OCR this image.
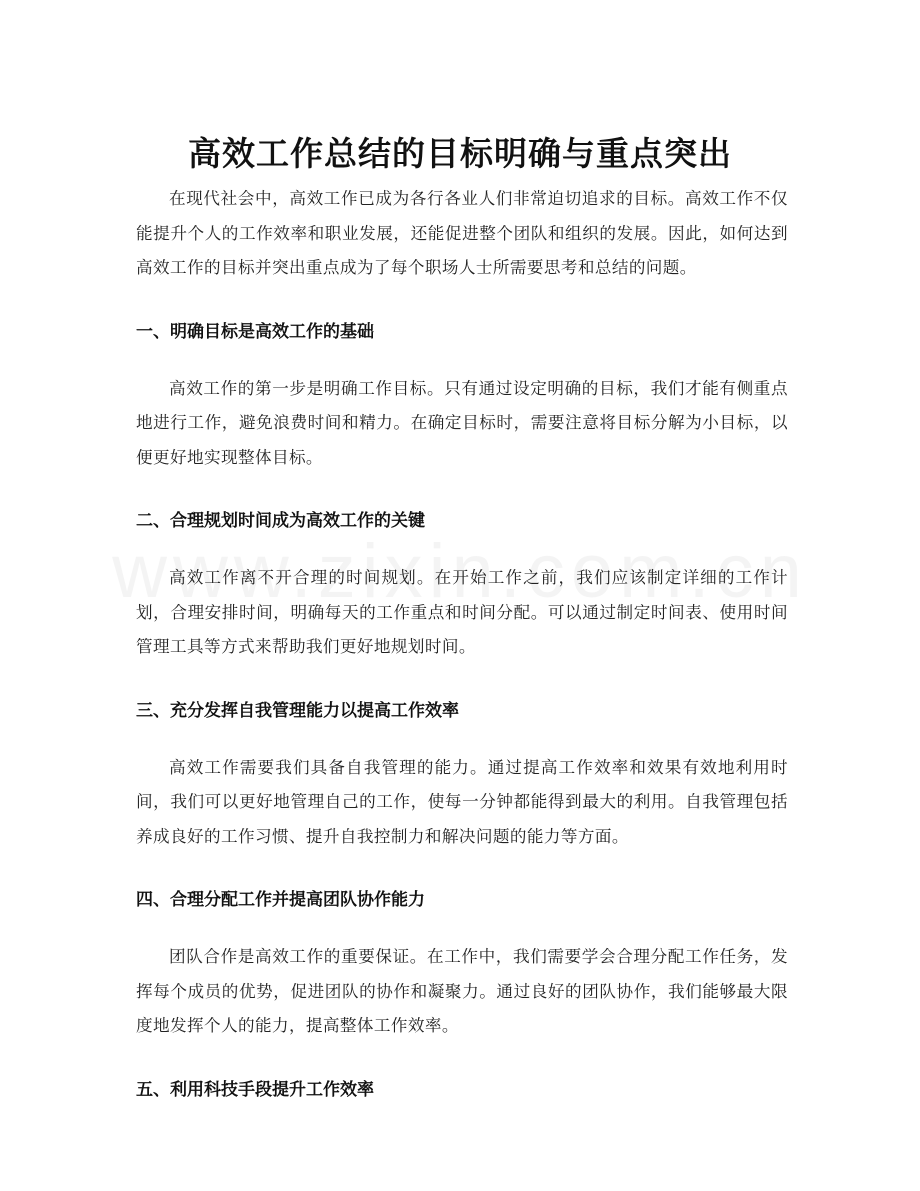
高效工作总结的目标明确与重点突出

在现代社会中，高效工作已成为各行各业人们非常迫切追求的目标。高效工作不仅能提升个人的工作效率和职业发展，还能促进整个团队和组织的发展。因此，如何达到高效工作的目标并突出重点成为了每个职场人士所需要思考和总结的问题。

一、明确目标是高效工作的基础

高效工作的第一步是明确工作目标。只有通过设定明确的目标，我们才能有侧重点地进行工作，避免浪费时间和精力。在确定目标时，需要注意将目标分解为小目标，以便更好地实现整体目标。

二、合理规划时间成为高效工作的关键

高效工作离不开合理的时间规划。在开始工作之前，我们应该制定详细的工作计划，合理安排时间，明确每天的工作重点和时间分配。可以通过制定时间表、使用时间管理工具等方式来帮助我们更好地规划时间。

三、充分发挥自我管理能力以提高工作效率

高效工作需要我们具备自我管理的能力。通过提高工作效率和效果有效地利用时间，我们可以更好地管理自己的工作，使每一分钟都能得到最大的利用。自我管理包括养成良好的工作习惯、提升自我控制力和解决问题的能力等方面。

四、合理分配工作并提高团队协作能力

团队合作是高效工作的重要保证。在工作中，我们需要学会合理分配工作任务，发挥每个成员的优势，促进团队的协作和凝聚力。通过良好的团队协作，我们能够最大限度地发挥个人的能力，提高整体工作效率。

五、利用科技手段提升工作效率
